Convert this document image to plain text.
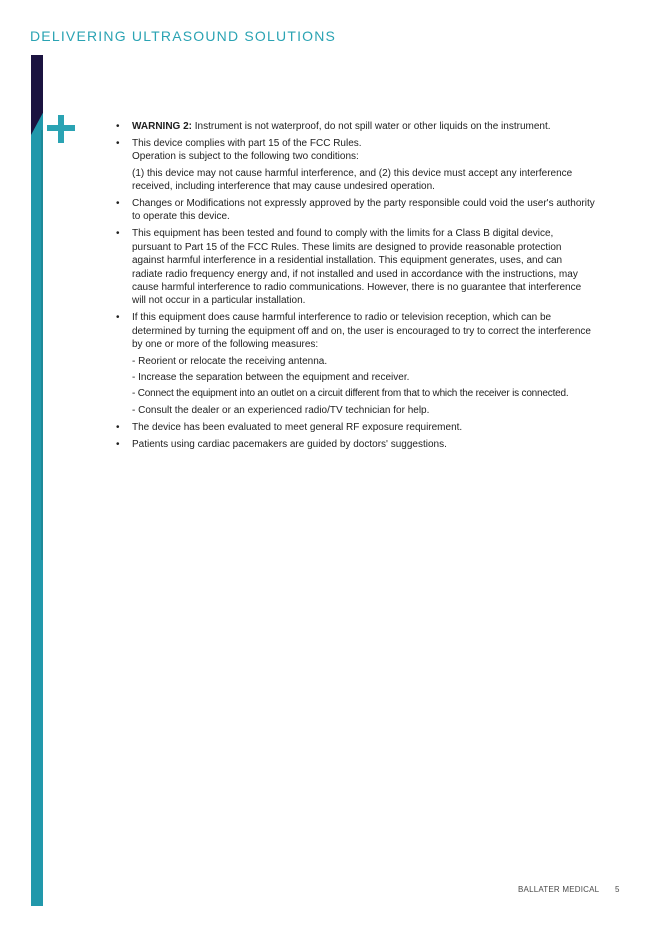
DELIVERING ULTRASOUND SOLUTIONS
• WARNING 2: Instrument is not waterproof, do not spill water or other liquids on the instrument.
• This device complies with part 15 of the FCC Rules.
Operation is subject to the following two conditions:
(1) this device may not cause harmful interference, and (2) this device must accept any interference received, including interference that may cause undesired operation.
• Changes or Modifications not expressly approved by the party responsible could void the user's authority to operate this device.
• This equipment has been tested and found to comply with the limits for a Class B digital device, pursuant to Part 15 of the FCC Rules. These limits are designed to provide reasonable protection against harmful interference in a residential installation. This equipment generates, uses, and can radiate radio frequency energy and, if not installed and used in accordance with the instructions, may cause harmful interference to radio communications. However, there is no guarantee that interference will not occur in a particular installation.
• If this equipment does cause harmful interference to radio or television reception, which can be determined by turning the equipment off and on, the user is encouraged to try to correct the interference by one or more of the following measures:
- Reorient or relocate the receiving antenna.
- Increase the separation between the equipment and receiver.
- Connect the equipment into an outlet on a circuit different from that to which the receiver is connected.
- Consult the dealer or an experienced radio/TV technician for help.
• The device has been evaluated to meet general RF exposure requirement.
• Patients using cardiac pacemakers are guided by doctors' suggestions.
BALLATER MEDICAL 5
